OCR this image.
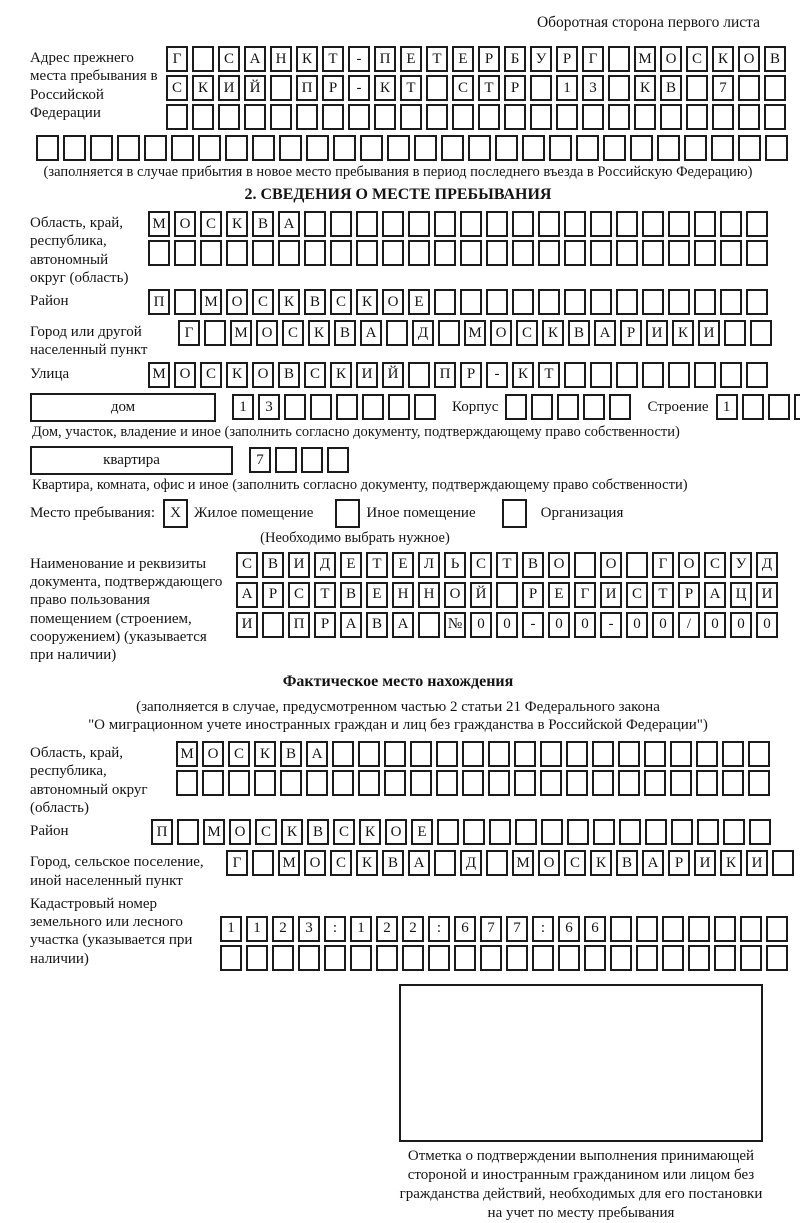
Оборотная сторона первого листа
Адрес прежнего места пребывания в Российской Федерации
Г	С	А	Н	К	Т	-	П	Е	Т	Е	Р	Б	У	Р	Г	М О	С	К	О	В
С	К	И	Й	П	Р	-	К	Т	С	Т	Р	1	3	К	В	7
(заполняется в случае прибытия в новое место пребывания в период последнего въезда в Российскую Федерацию)
2. СВЕДЕНИЯ О МЕСТЕ ПРЕБЫВАНИЯ
Область, край, республика, автономный округ (область)
М О	С	К	В	А
Район	П	М О	С	К	В	С	К	О	Е
Город или другой населенный пункт
Г	М О	С	К	В	А	Д	М О	С	К	В	А	Р	И	К	И
Улица	М О	С	К	О	В	С	К	И	Й	П	Р	-	К	Т
дом	1	3	Корпус	Строение 1
Дом, участок, владение и иное (заполнить согласно документу, подтверждающему право собственности)
квартира	7
Квартира, комната, офис и иное (заполнить согласно документу, подтверждающему право собственности)
Место пребывания:	X Жилое помещение	Иное помещение	Организация
(Необходимо выбрать нужное)
Наименование и реквизиты документа, подтверждающего право пользования помещением (строением, сооружением) (указывается при наличии)
С	В	И	Д	Е	Т	Е	Л	Ь	С	Т	В	О	О	Г	О	С	У	Д
А	Р	С	Т	В	Е	Н	Н	О	Й	Р	Е	Г	И	С	Т	Р	А	Ц	И
И	П	Р	А	В	А	№	0	0	-	0	0	-	0	0	/	0	0	0
Фактическое место нахождения
(заполняется в случае, предусмотренном частью 2 статьи 21 Федерального закона
"О миграционном учете иностранных граждан и лиц без гражданства в Российской Федерации")
Область, край, республика, автономный округ (область)
М О	С	К	В	А
Район	П	М О	С	К	В	С	К	О	Е
Город, сельское поселение, иной населенный пункт
Г	М О	С	К	В	А	Д	М О	С	К	В	А	Р	И	К	И
Кадастровый номер земельного или лесного участка (указывается при наличии)
1	1	2	3	:	1	2	2	:	6	7	7	:	6	6
Отметка о подтверждении выполнения принимающей
стороной и иностранным гражданином или лицом без
гражданства действий, необходимых для его постановки
на учет по месту пребывания
